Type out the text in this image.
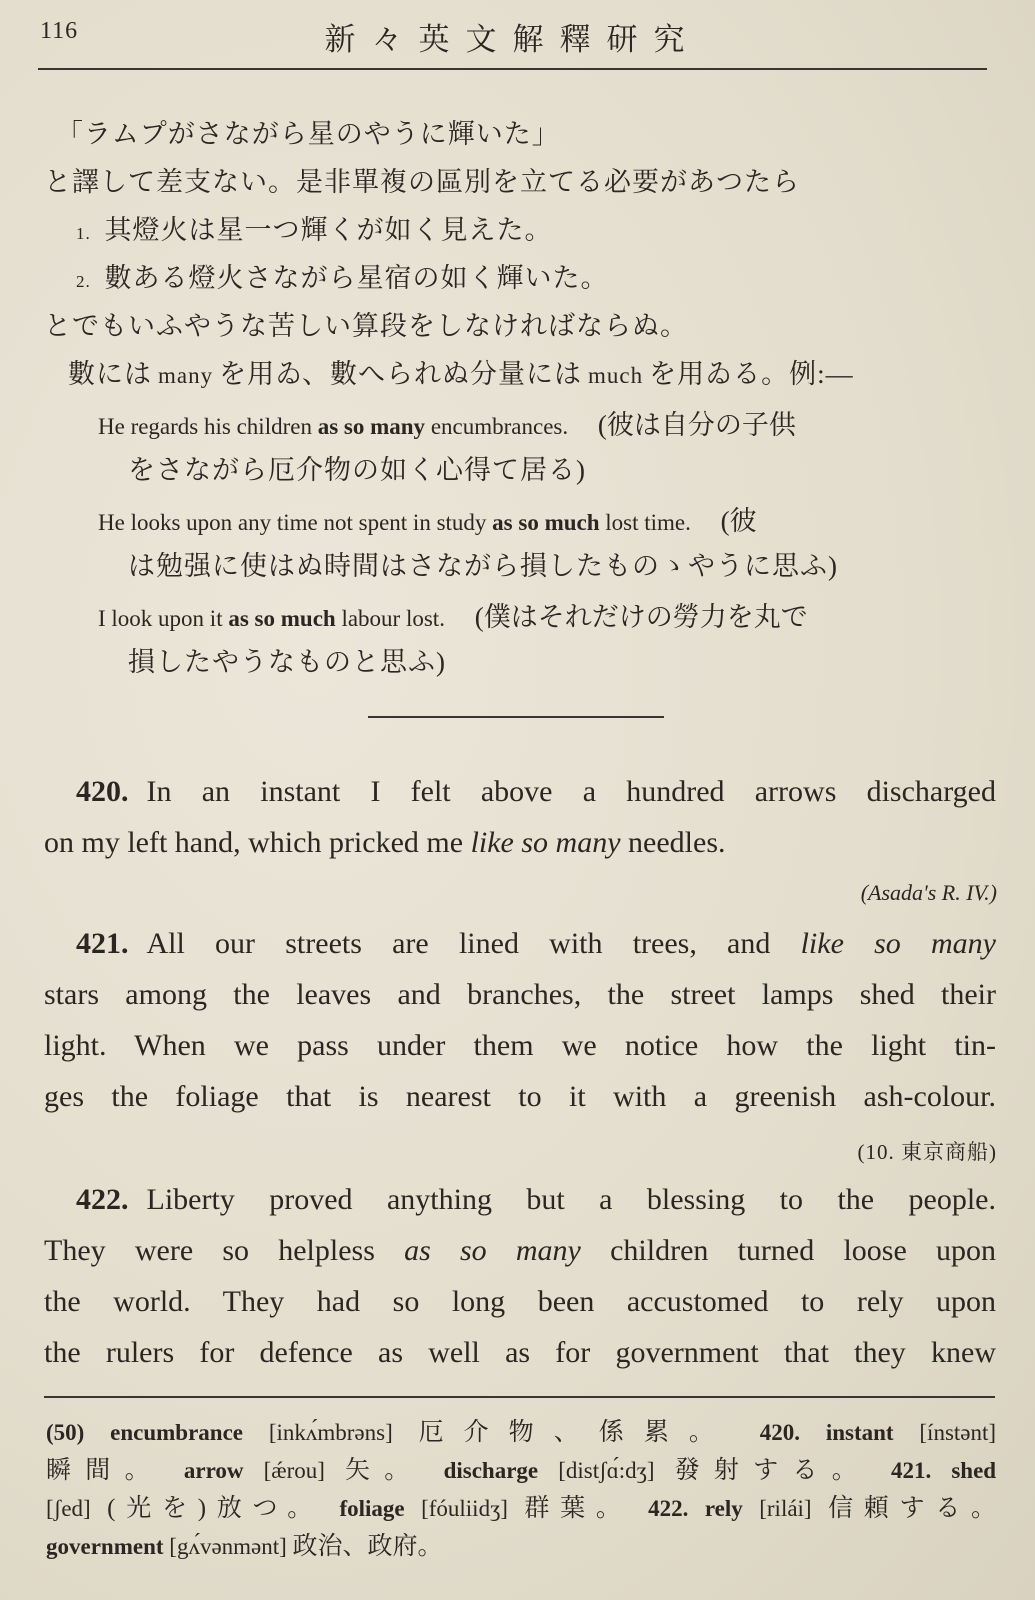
116	新々英文解釋研究
「ラムプがさながら星のやうに輝いた」
と譯して差支ない。是非單複の區別を立てる必要があつたら
1. 其燈火は星一つ輝くが如く見えた。
2. 數ある燈火さながら星宿の如く輝いた。
とでもいふやうな苦しい算段をしなければならぬ。
數には many を用ゐ、數へられぬ分量には much を用ゐる。例:—
He regards his children as so many encumbrances. (彼は自分の子供
をさながら厄介物の如く心得て居る)
He looks upon any time not spent in study as so much lost time. (彼
は勉强に使はぬ時間はさながら損したものゝやうに思ふ)
I look upon it as so much labour lost. (僕はそれだけの勞力を丸で
損したやうなものと思ふ)
420. In an instant I felt above a hundred arrows discharged
on my left hand, which pricked me like so many needles.
(Asada's R. IV.)
421. All our streets are lined with trees, and like so many
stars among the leaves and branches, the street lamps shed their
light. When we pass under them we notice how the light tin-
ges the foliage that is nearest to it with a greenish ash-colour.
(10. 東京商船)
422. Liberty proved anything but a blessing to the people.
They were so helpless as so many children turned loose upon
the world. They had so long been accustomed to rely upon
the rulers for defence as well as for government that they knew
(50) encumbrance [inkʌ́mbrəns] 厄介物、係累。 420. instant [ínstənt]
瞬間。 arrow [ǽrou] 矢。 discharge [distʃɑ́:dʒ] 發射する。 421. shed
[ʃed] (光を)放つ。 foliage [fóuliidʒ] 群葉。 422. rely [rilái] 信頼する。
government [gʌ́vənmənt] 政治、政府。
